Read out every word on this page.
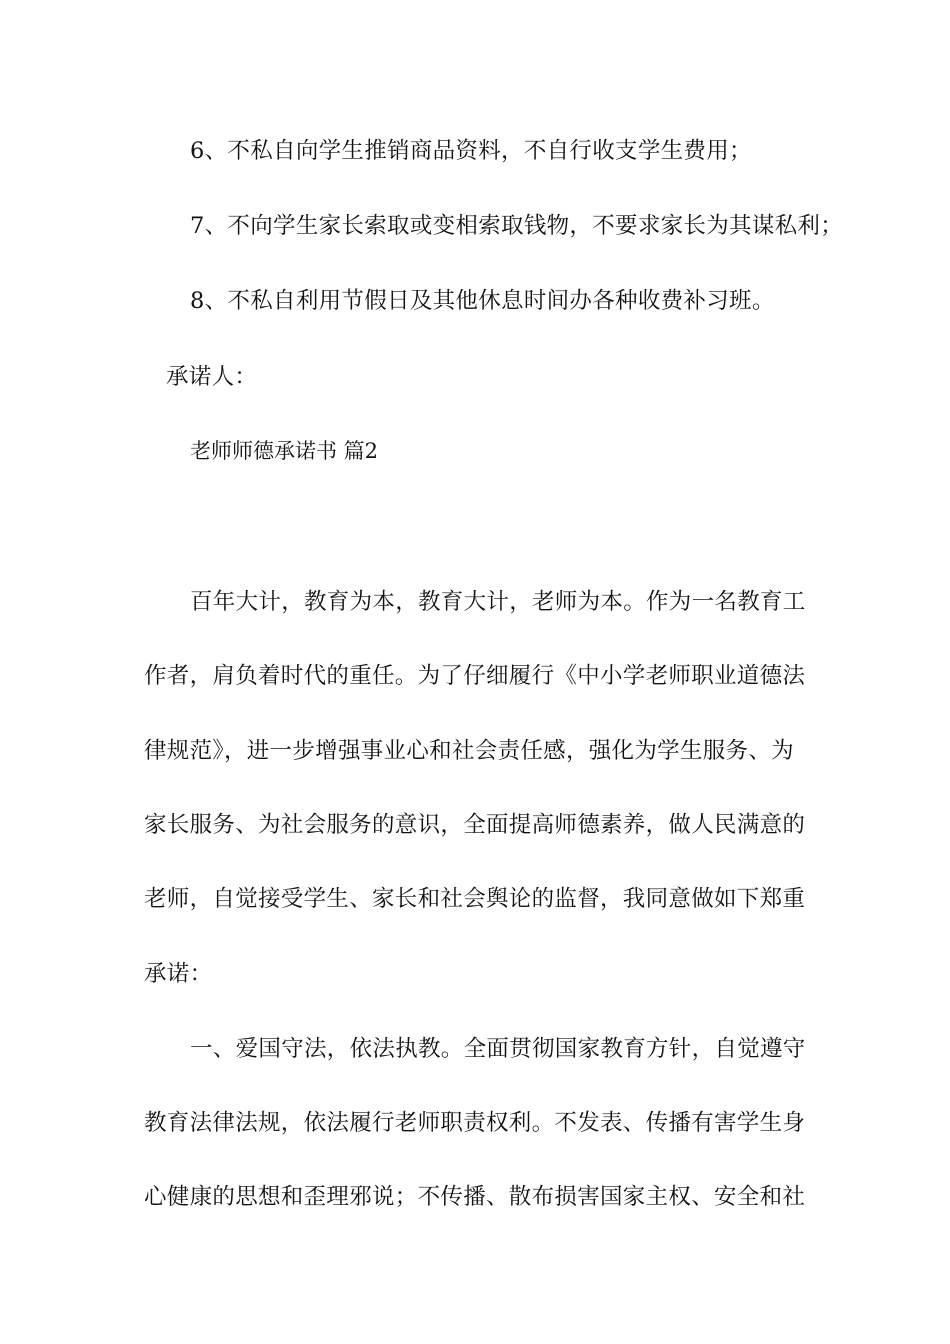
6、不私自向学生推销商品资料，不自行收支学生费用；
7、不向学生家长索取或变相索取钱物，不要求家长为其谋私利；
8、不私自利用节假日及其他休息时间办各种收费补习班。
承诺人：
老师师德承诺书 篇2
百年大计，教育为本，教育大计，老师为本。作为一名教育工
作者，肩负着时代的重任。为了仔细履行《中小学老师职业道德法
律规范》，进一步增强事业心和社会责任感，强化为学生服务、为
家长服务、为社会服务的意识，全面提高师德素养，做人民满意的
老师，自觉接受学生、家长和社会舆论的监督，我同意做如下郑重
承诺：
一、爱国守法，依法执教。全面贯彻国家教育方针，自觉遵守
教育法律法规，依法履行老师职责权利。不发表、传播有害学生身
心健康的思想和歪理邪说；不传播、散布损害国家主权、安全和社
